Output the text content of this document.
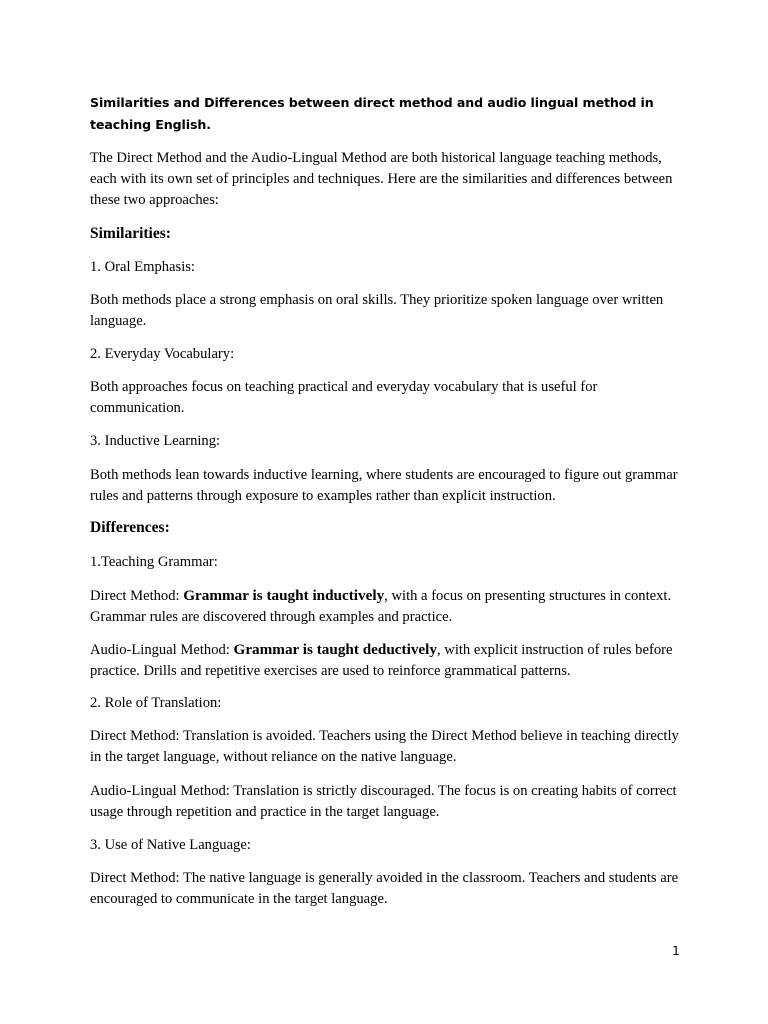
Similarities and Differences between direct method and audio lingual method in teaching English.

The Direct Method and the Audio-Lingual Method are both historical language teaching methods, each with its own set of principles and techniques. Here are the similarities and differences between these two approaches:

Similarities:

1. Oral Emphasis:

Both methods place a strong emphasis on oral skills. They prioritize spoken language over written language.

2. Everyday Vocabulary:

Both approaches focus on teaching practical and everyday vocabulary that is useful for communication.

3. Inductive Learning:

Both methods lean towards inductive learning, where students are encouraged to figure out grammar rules and patterns through exposure to examples rather than explicit instruction.

Differences:

1.Teaching Grammar:

Direct Method: Grammar is taught inductively, with a focus on presenting structures in context. Grammar rules are discovered through examples and practice.

Audio-Lingual Method: Grammar is taught deductively, with explicit instruction of rules before practice. Drills and repetitive exercises are used to reinforce grammatical patterns.

2. Role of Translation:

Direct Method: Translation is avoided. Teachers using the Direct Method believe in teaching directly in the target language, without reliance on the native language.

Audio-Lingual Method: Translation is strictly discouraged. The focus is on creating habits of correct usage through repetition and practice in the target language.

3. Use of Native Language:

Direct Method: The native language is generally avoided in the classroom. Teachers and students are encouraged to communicate in the target language.

1
